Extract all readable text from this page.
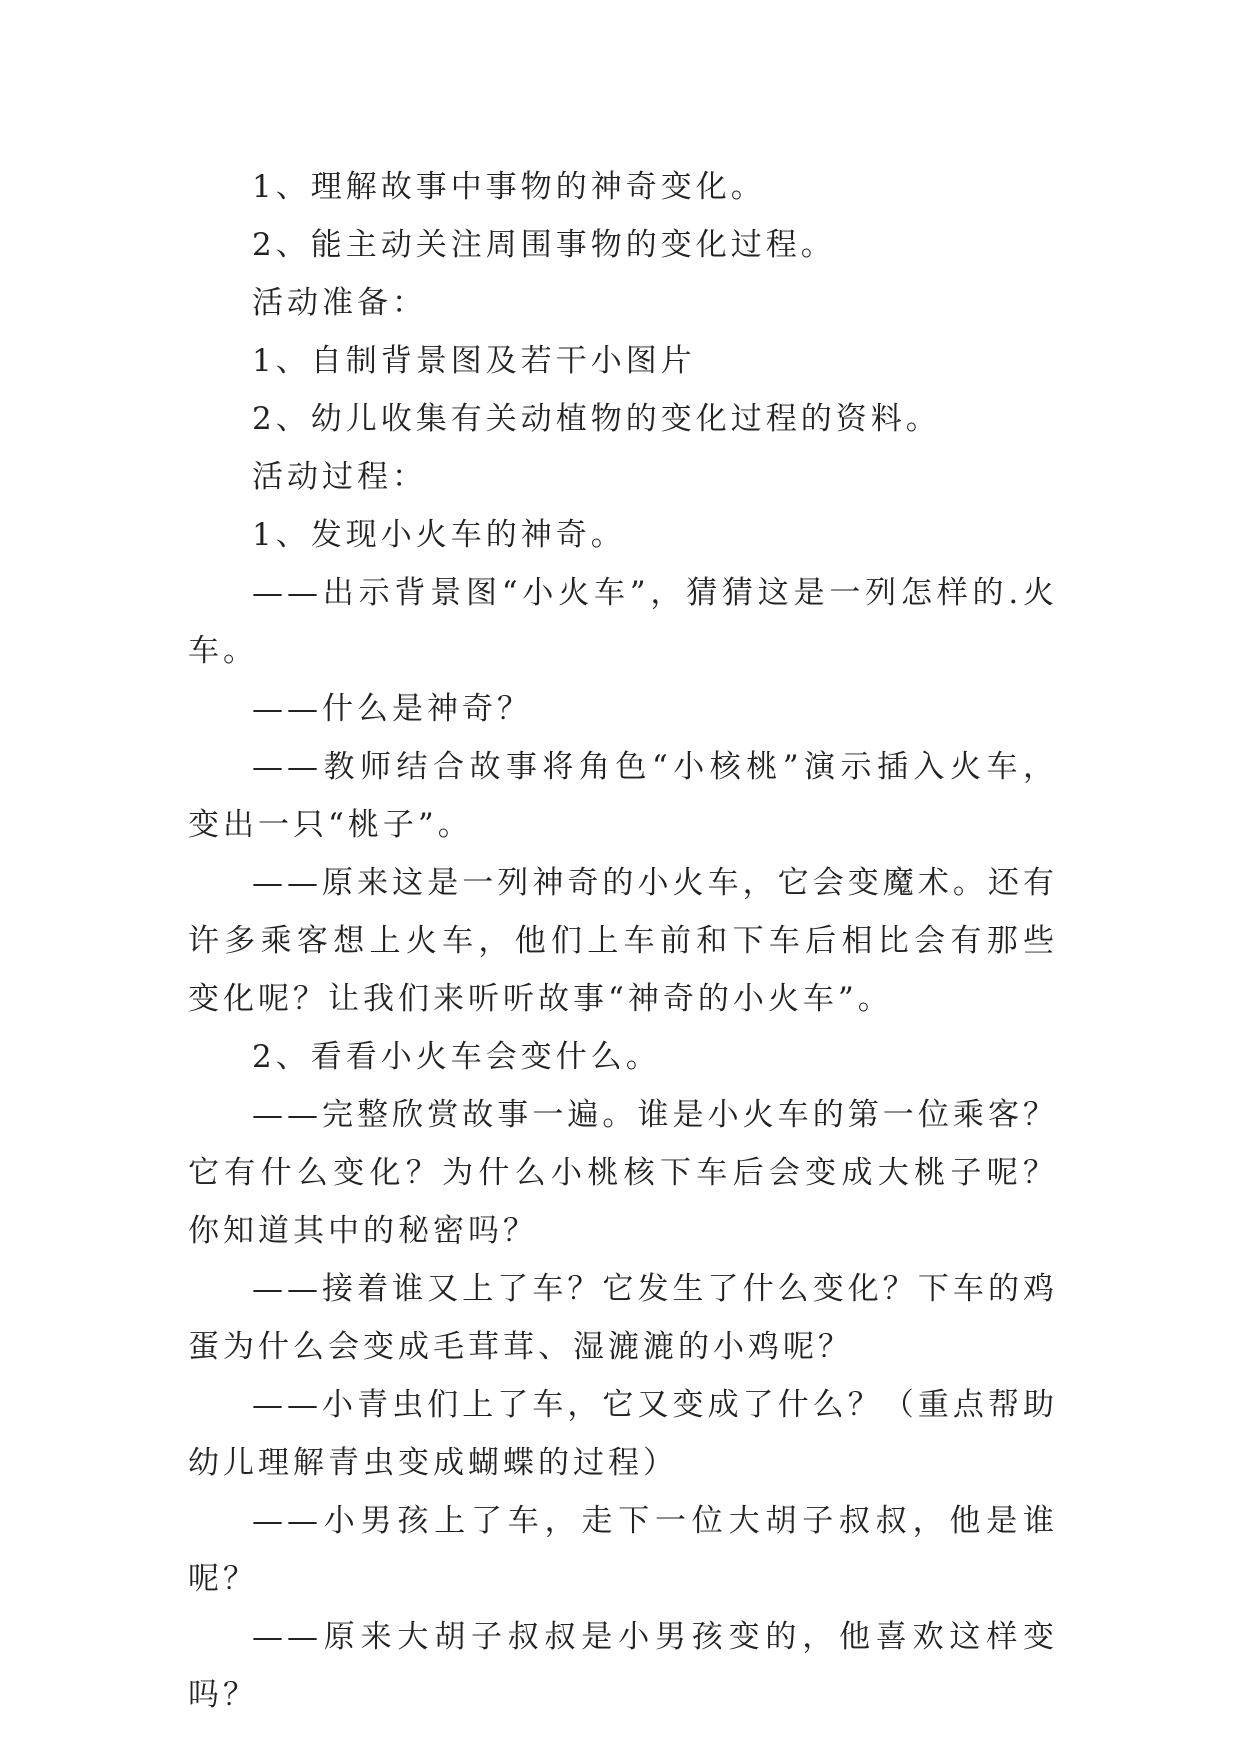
1、理解故事中事物的神奇变化。

2、能主动关注周围事物的变化过程。

活动准备：

1、自制背景图及若干小图片

2、幼儿收集有关动植物的变化过程的资料。

活动过程：

1、发现小火车的神奇。

——出示背景图“小火车”，猜猜这是一列怎样的.火车。

——什么是神奇？

——教师结合故事将角色“小核桃”演示插入火车，变出一只“桃子”。

——原来这是一列神奇的小火车，它会变魔术。还有许多乘客想上火车，他们上车前和下车后相比会有那些变化呢？让我们来听听故事“神奇的小火车”。

2、看看小火车会变什么。

——完整欣赏故事一遍。谁是小火车的第一位乘客？它有什么变化？为什么小桃核下车后会变成大桃子呢？你知道其中的秘密吗？

——接着谁又上了车？它发生了什么变化？下车的鸡蛋为什么会变成毛茸茸、湿漉漉的小鸡呢？

——小青虫们上了车，它又变成了什么？（重点帮助幼儿理解青虫变成蝴蝶的过程）

——小男孩上了车，走下一位大胡子叔叔，他是谁呢？

——原来大胡子叔叔是小男孩变的，他喜欢这样变吗？
